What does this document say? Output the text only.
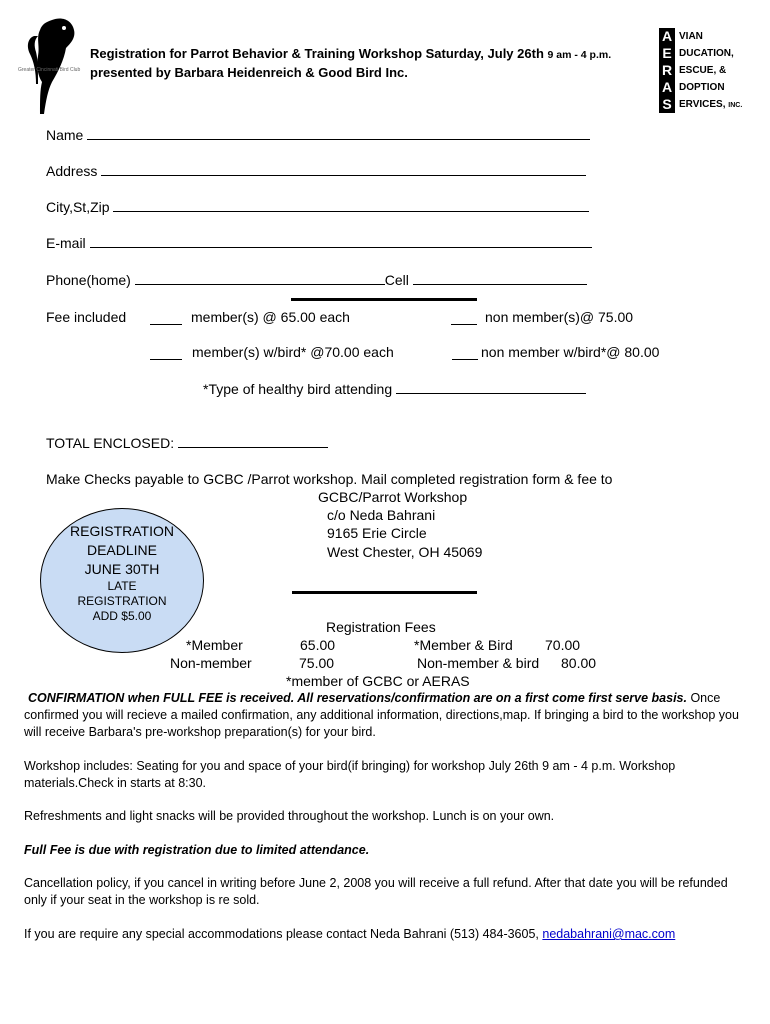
Greater Cincinnati Bird Club
Registration for Parrot Behavior & Training Workshop Saturday, July 26th 9 am - 4 p.m.
presented by Barbara Heidenreich & Good Bird Inc.
A
E
R
A
S
VIAN
DUCATION,
ESCUE, &
DOPTION
ERVICES, INC.
Name
Address
City,St,Zip
E-mail
Phone(home)	Cell
Fee included	member(s) @ 65.00 each	non member(s)@ 75.00
member(s) w/bird* @70.00 each	non member w/bird*@ 80.00
*Type of healthy bird attending
TOTAL ENCLOSED:
Make Checks payable to GCBC /Parrot workshop. Mail completed registration form & fee to
GCBC/Parrot Workshop
c/o Neda Bahrani
9165 Erie Circle
West Chester, OH 45069
REGISTRATION
DEADLINE
JUNE 30TH
LATE
REGISTRATION
ADD $5.00
Registration Fees
*Member	65.00	*Member & Bird 70.00
Non-member	75.00	Non-member & bird 80.00
*member of GCBC or AERAS
CONFIRMATION when FULL FEE is received. All reservations/confirmation are on a first come first serve basis. Once confirmed you will recieve a mailed confirmation, any additional information, directions,map. If bringing a bird to the workshop you will receive Barbara's pre-workshop preparation(s) for your bird.
Workshop includes: Seating for you and space of your bird(if bringing) for workshop July 26th 9 am - 4 p.m. Workshop materials.Check in starts at 8:30.
Refreshments and light snacks will be provided throughout the workshop. Lunch is on your own.
Full Fee is due with registration due to limited attendance.
Cancellation policy, if you cancel in writing before June 2, 2008 you will receive a full refund. After that date you will be refunded only if your seat in the workshop is re sold.
If you are require any special accommodations please contact Neda Bahrani (513) 484-3605, nedabahrani@mac.com
